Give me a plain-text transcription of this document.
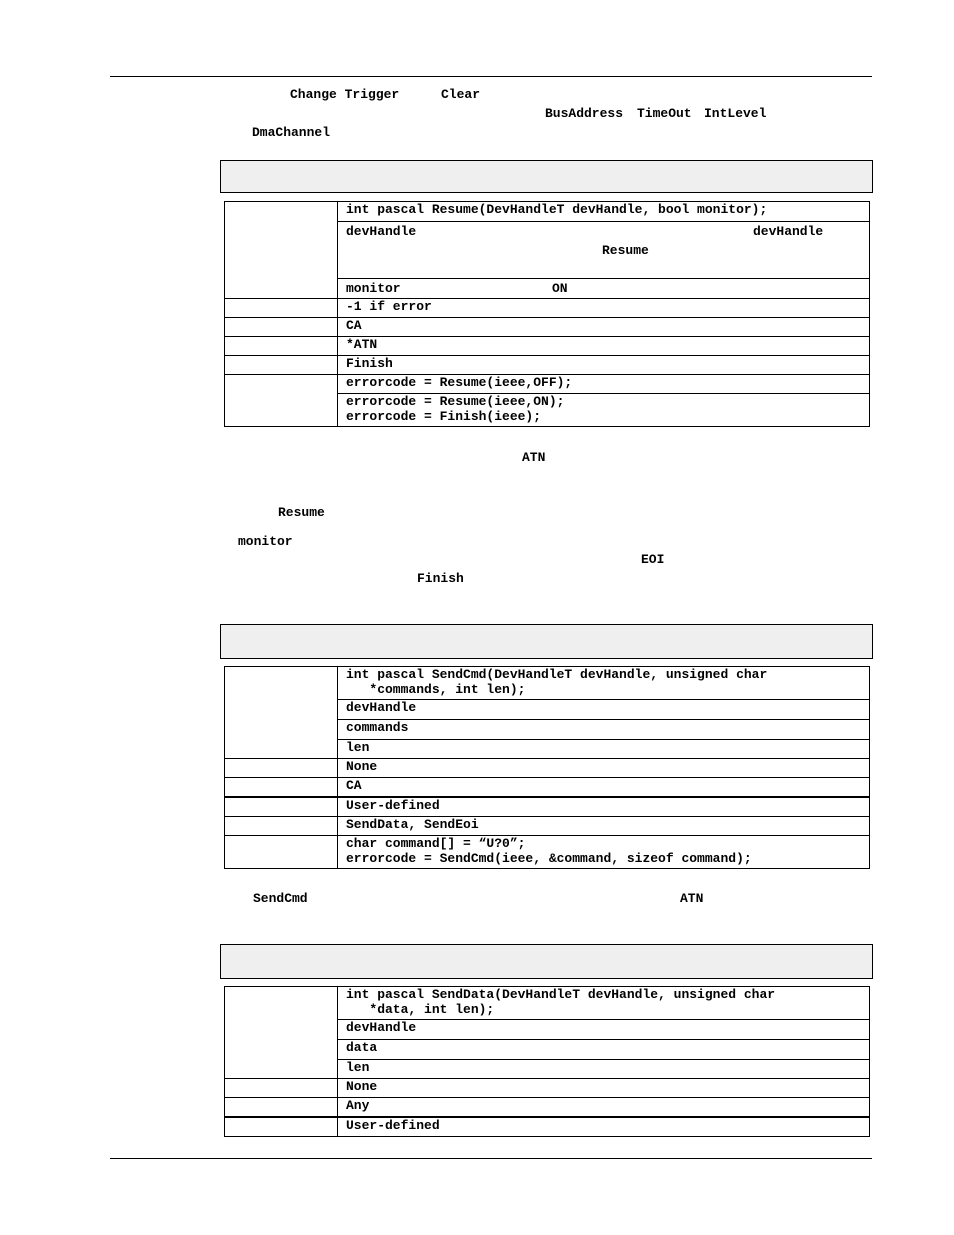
Change Trigger	Clear
BusAddress TimeOut IntLevel
DmaChannel
	int pascal Resume(DevHandleT devHandle, bool monitor);

	devHandle devHandle
Resume

	monitor ON

	-1 if error
	CA
	*ATN
	Finish
	errorcode = Resume(ieee,OFF);

	errorcode = Resume(ieee,ON);
errorcode = Finish(ieee);
ATN
Resume
monitor
EOI
Finish

	int pascal SendCmd(DevHandleT devHandle, unsigned char
*commands, int len);

	devHandle
	commands
	len
	None
	CA
	User-defined
	SendData, SendEoi

	char command[] = “U?0”;
errorcode = SendCmd(ieee, &command, sizeof command);
SendCmd	ATN

	int pascal SendData(DevHandleT devHandle, unsigned char
*data, int len);

	devHandle
	data
	len
	None
	Any
	User-defined
